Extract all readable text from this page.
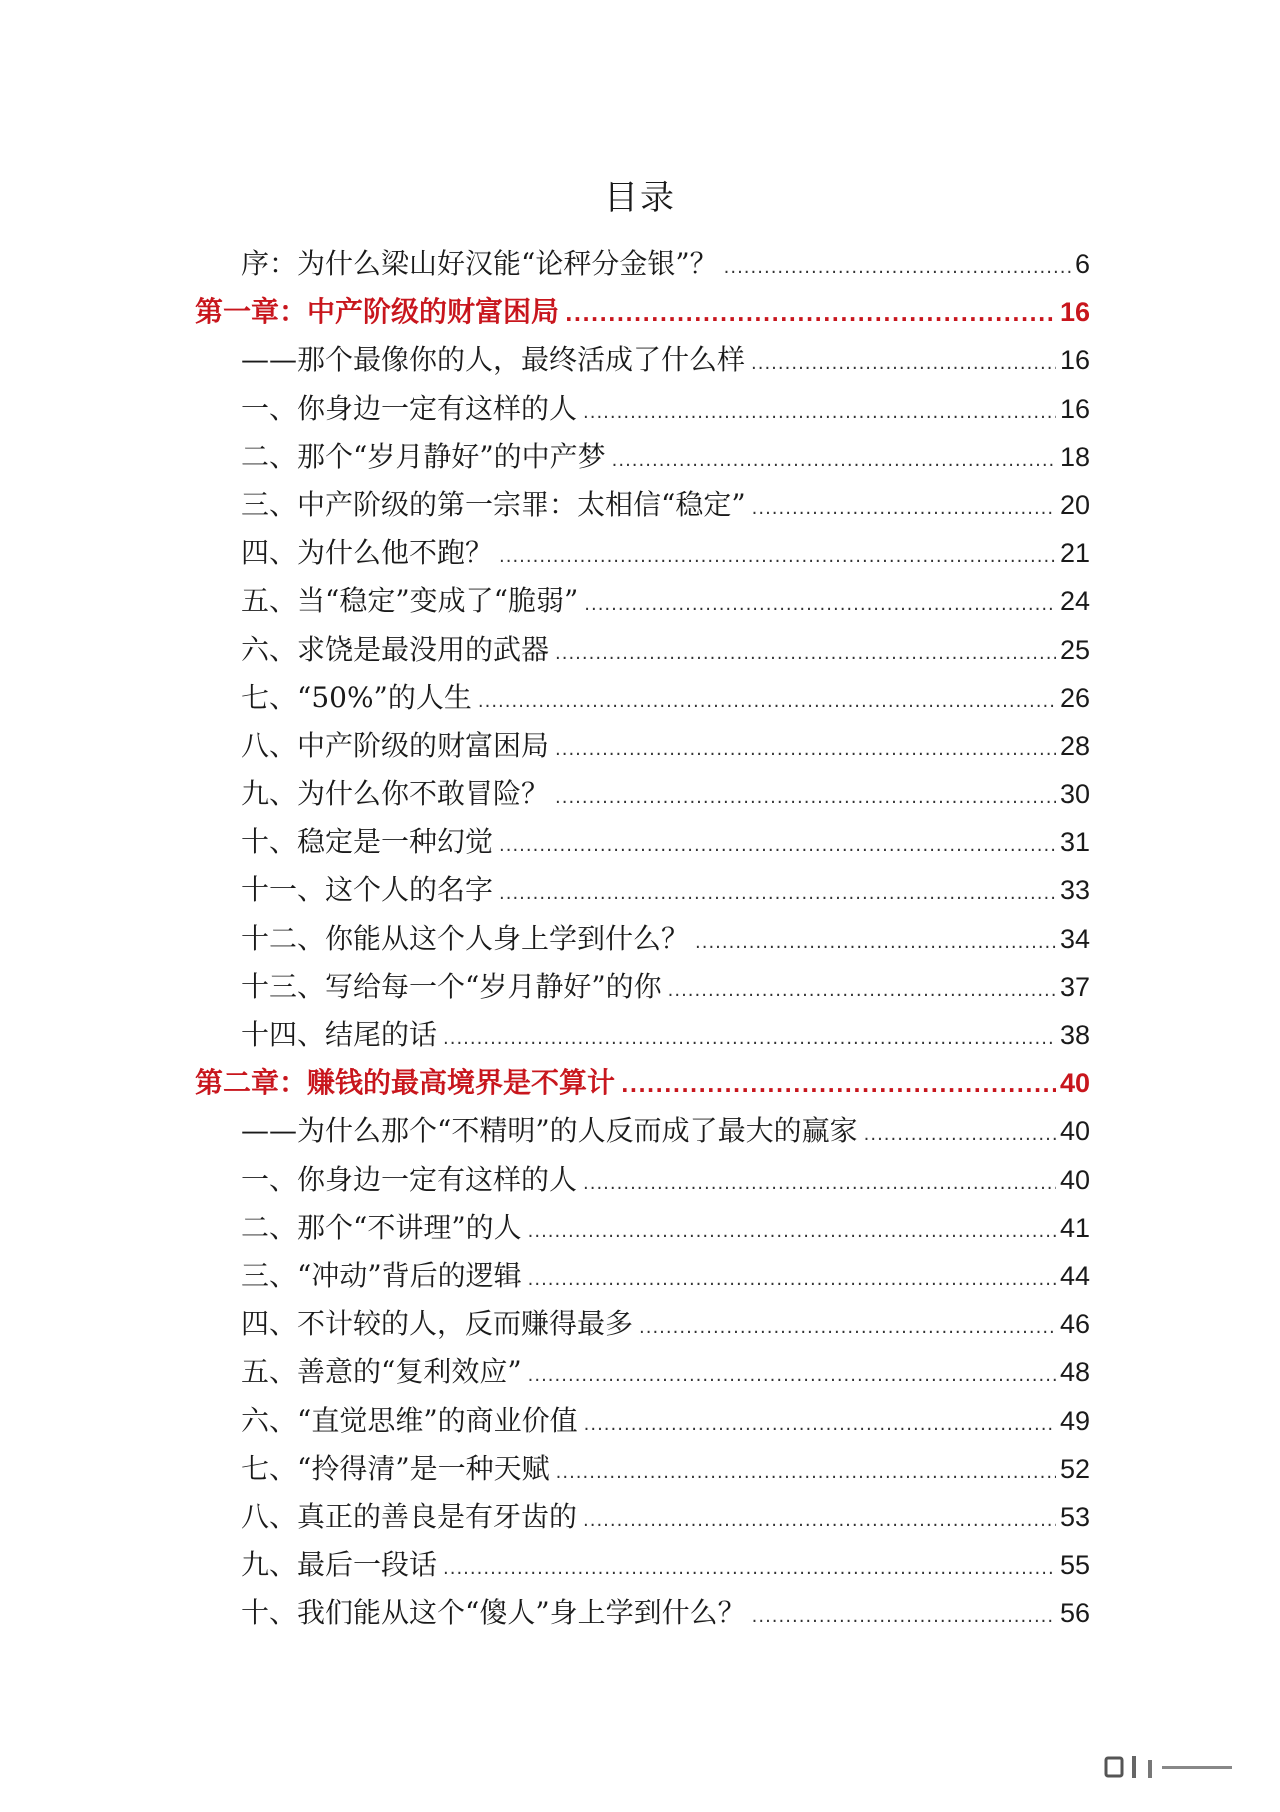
目录
序：为什么梁山好汉能“论秤分金银”？ .....	6
第一章：中产阶级的财富困局 .....	16
——那个最像你的人，最终活成了什么样 .....	16
一、你身边一定有这样的人 .....	16
二、那个“岁月静好”的中产梦 .....	18
三、中产阶级的第一宗罪：太相信“稳定” .....	20
四、为什么他不跑？ .....	21
五、当“稳定”变成了“脆弱” .....	24
六、求饶是最没用的武器 .....	25
七、“50%”的人生 .....	26
八、中产阶级的财富困局 .....	28
九、为什么你不敢冒险？ .....	30
十、稳定是一种幻觉 .....	31
十一、这个人的名字 .....	33
十二、你能从这个人身上学到什么？ .....	34
十三、写给每一个“岁月静好”的你 .....	37
十四、结尾的话 .....	38
第二章：赚钱的最高境界是不算计 .....	40
——为什么那个“不精明”的人反而成了最大的赢家 .....	40
一、你身边一定有这样的人 .....	40
二、那个“不讲理”的人 .....	41
三、“冲动”背后的逻辑 .....	44
四、不计较的人，反而赚得最多 .....	46
五、善意的“复利效应” .....	48
六、“直觉思维”的商业价值 .....	49
七、“拎得清”是一种天赋 .....	52
八、真正的善良是有牙齿的 .....	53
九、最后一段话 .....	55
十、我们能从这个“傻人”身上学到什么？ .....	56
